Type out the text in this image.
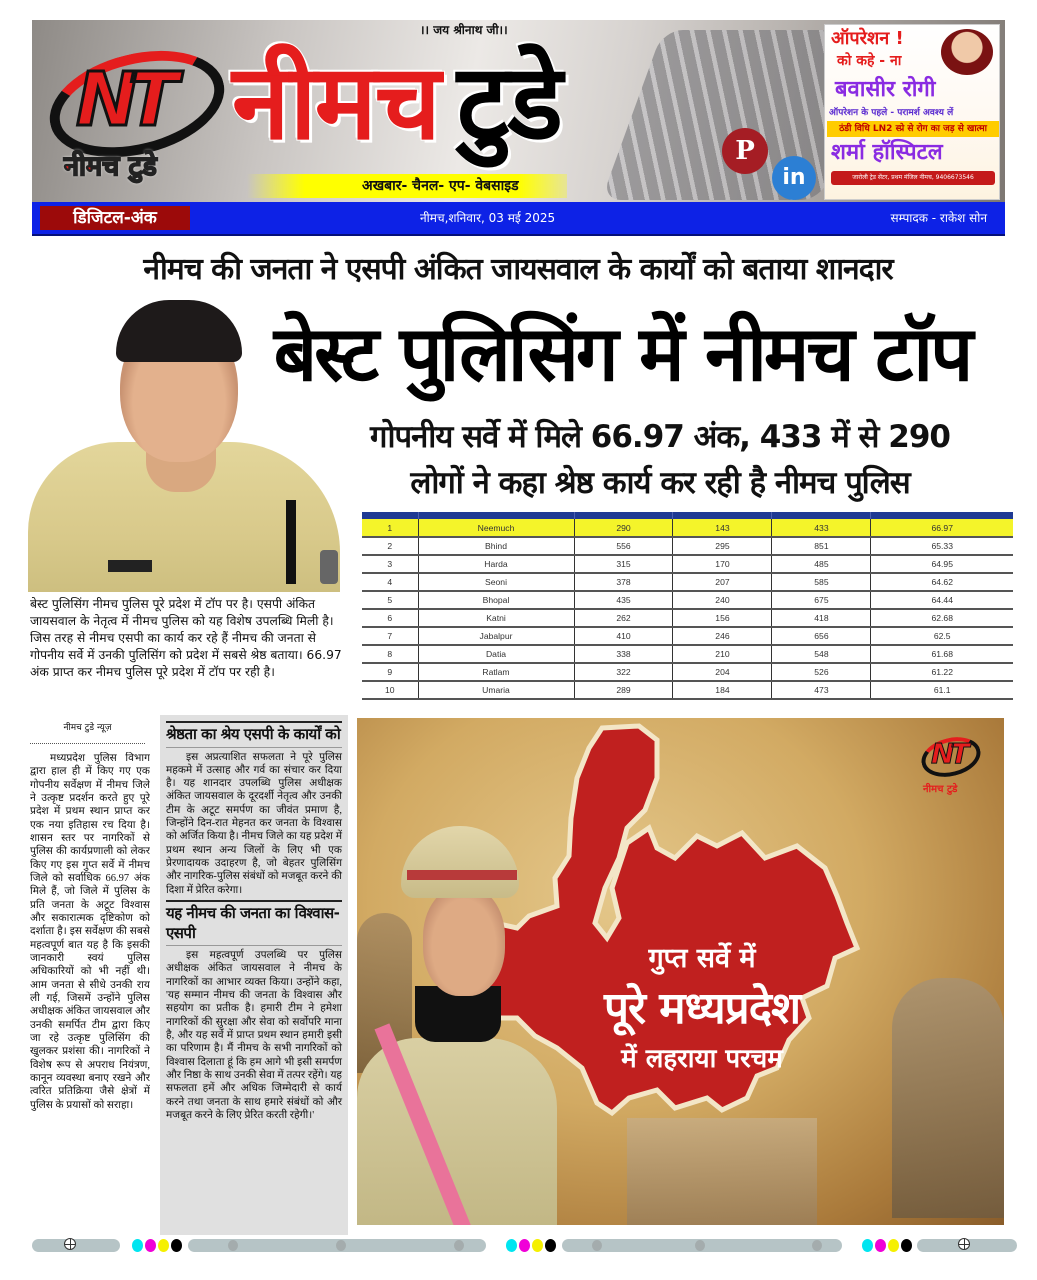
NT
नीमच टुडे
।। जय श्रीनाथ जी।।
नीमच टुडे
अखबार- चैनल- एप- वेबसाइड
P
in
ऑपरेशन !
को कहे - ना
बवासीर रोगी
ऑपरेशन के पहले - परामर्श अवश्य लें
ठंडी विधि LN2 स्प्रे से रोग का जड़ से खात्मा
शर्मा हॉस्पिटल
जारोली ट्रेड सेंटर, प्रथम मंजिल नीमच, 9406673546
डिजिटल-अंक	नीमच,शनिवार, 03 मई 2025	सम्पादक - राकेश सोन
नीमच की जनता ने एसपी अंकित जायसवाल के कार्यों को बताया शानदार
बेस्ट पुलिसिंग में नीमच टॉप
गोपनीय सर्वे में मिले 66.97 अंक, 433 में से 290
लोगों ने कहा श्रेष्ठ कार्य कर रही है नीमच पुलिस

बेस्ट पुलिसिंग नीमच पुलिस पूरे प्रदेश में टॉप पर है। एसपी अंकित जायसवाल के नेतृत्व में नीमच पुलिस को यह विशेष उपलब्धि मिली है। जिस तरह से नीमच एसपी का कार्य कर रहे हैं नीमच की जनता से गोपनीय सर्वे में उनकी पुलिसिंग को प्रदेश में सबसे श्रेष्ठ बताया। 66.97 अंक प्राप्त कर नीमच पुलिस पूरे प्रदेश में टॉप पर रही है।

1	Neemuch	290	143	433	66.97
2	Bhind	556	295	851	65.33
3	Harda	315	170	485	64.95
4	Seoni	378	207	585	64.62
5	Bhopal	435	240	675	64.44
6	Katni	262	156	418	62.68
7	Jabalpur	410	246	656	62.5
8	Datia	338	210	548	61.68
9	Ratlam	322	204	526	61.22
10	Umaria	289	184	473	61.1
नीमच टुडे न्यूज़

मध्यप्रदेश पुलिस विभाग द्वारा हाल ही में किए गए एक गोपनीय सर्वेक्षण में नीमच जिले ने उत्कृष्ट प्रदर्शन करते हुए पूरे प्रदेश में प्रथम स्थान प्राप्त कर एक नया इतिहास रच दिया है। शासन स्तर पर नागरिकों से पुलिस की कार्यप्रणाली को लेकर किए गए इस गुप्त सर्वे में नीमच जिले को सर्वाधिक 66.97 अंक मिले हैं, जो जिले में पुलिस के प्रति जनता के अटूट विश्वास और सकारात्मक दृष्टिकोण को दर्शाता है। इस सर्वेक्षण की सबसे महत्वपूर्ण बात यह है कि इसकी जानकारी स्वयं पुलिस अधिकारियों को भी नहीं थी। आम जनता से सीधे उनकी राय ली गई, जिसमें उन्होंने पुलिस अधीक्षक अंकित जायसवाल और उनकी समर्पित टीम द्वारा किए जा रहे उत्कृष्ट पुलिसिंग की खुलकर प्रशंसा की। नागरिकों ने विशेष रूप से अपराध नियंत्रण, कानून व्यवस्था बनाए रखने और त्वरित प्रतिक्रिया जैसे क्षेत्रों में पुलिस के प्रयासों को सराहा।

श्रेष्ठता का श्रेय एसपी के कार्यों को

इस अप्रत्याशित सफलता ने पूरे पुलिस महकमे में उत्साह और गर्व का संचार कर दिया है। यह शानदार उपलब्धि पुलिस अधीक्षक अंकित जायसवाल के दूरदर्शी नेतृत्व और उनकी टीम के अटूट समर्पण का जीवंत प्रमाण है, जिन्होंने दिन-रात मेहनत कर जनता के विश्वास को अर्जित किया है। नीमच जिले का यह प्रदेश में प्रथम स्थान अन्य जिलों के लिए भी एक प्रेरणादायक उदाहरण है, जो बेहतर पुलिसिंग और नागरिक-पुलिस संबंधों को मजबूत करने की दिशा में प्रेरित करेगा।

यह नीमच की जनता का विश्वास-एसपी

इस महत्वपूर्ण उपलब्धि पर पुलिस अधीक्षक अंकित जायसवाल ने नीमच के नागरिकों का आभार व्यक्त किया। उन्होंने कहा, 'यह सम्मान नीमच की जनता के विश्वास और सहयोग का प्रतीक है। हमारी टीम ने हमेशा नागरिकों की सुरक्षा और सेवा को सर्वोपरि माना है, और यह सर्वे में प्राप्त प्रथम स्थान हमारी इसी का परिणाम है। मैं नीमच के सभी नागरिकों को विश्वास दिलाता हूं कि हम आगे भी इसी समर्पण और निष्ठा के साथ उनकी सेवा में तत्पर रहेंगे। यह सफलता हमें और अधिक जिम्मेदारी से कार्य करने तथा जनता के साथ हमारे संबंधों को और मजबूत करने के लिए प्रेरित करती रहेगी।'

गुप्त सर्वे में
पूरे मध्यप्रदेश
में लहराया परचम
NT
नीमच टुडे
